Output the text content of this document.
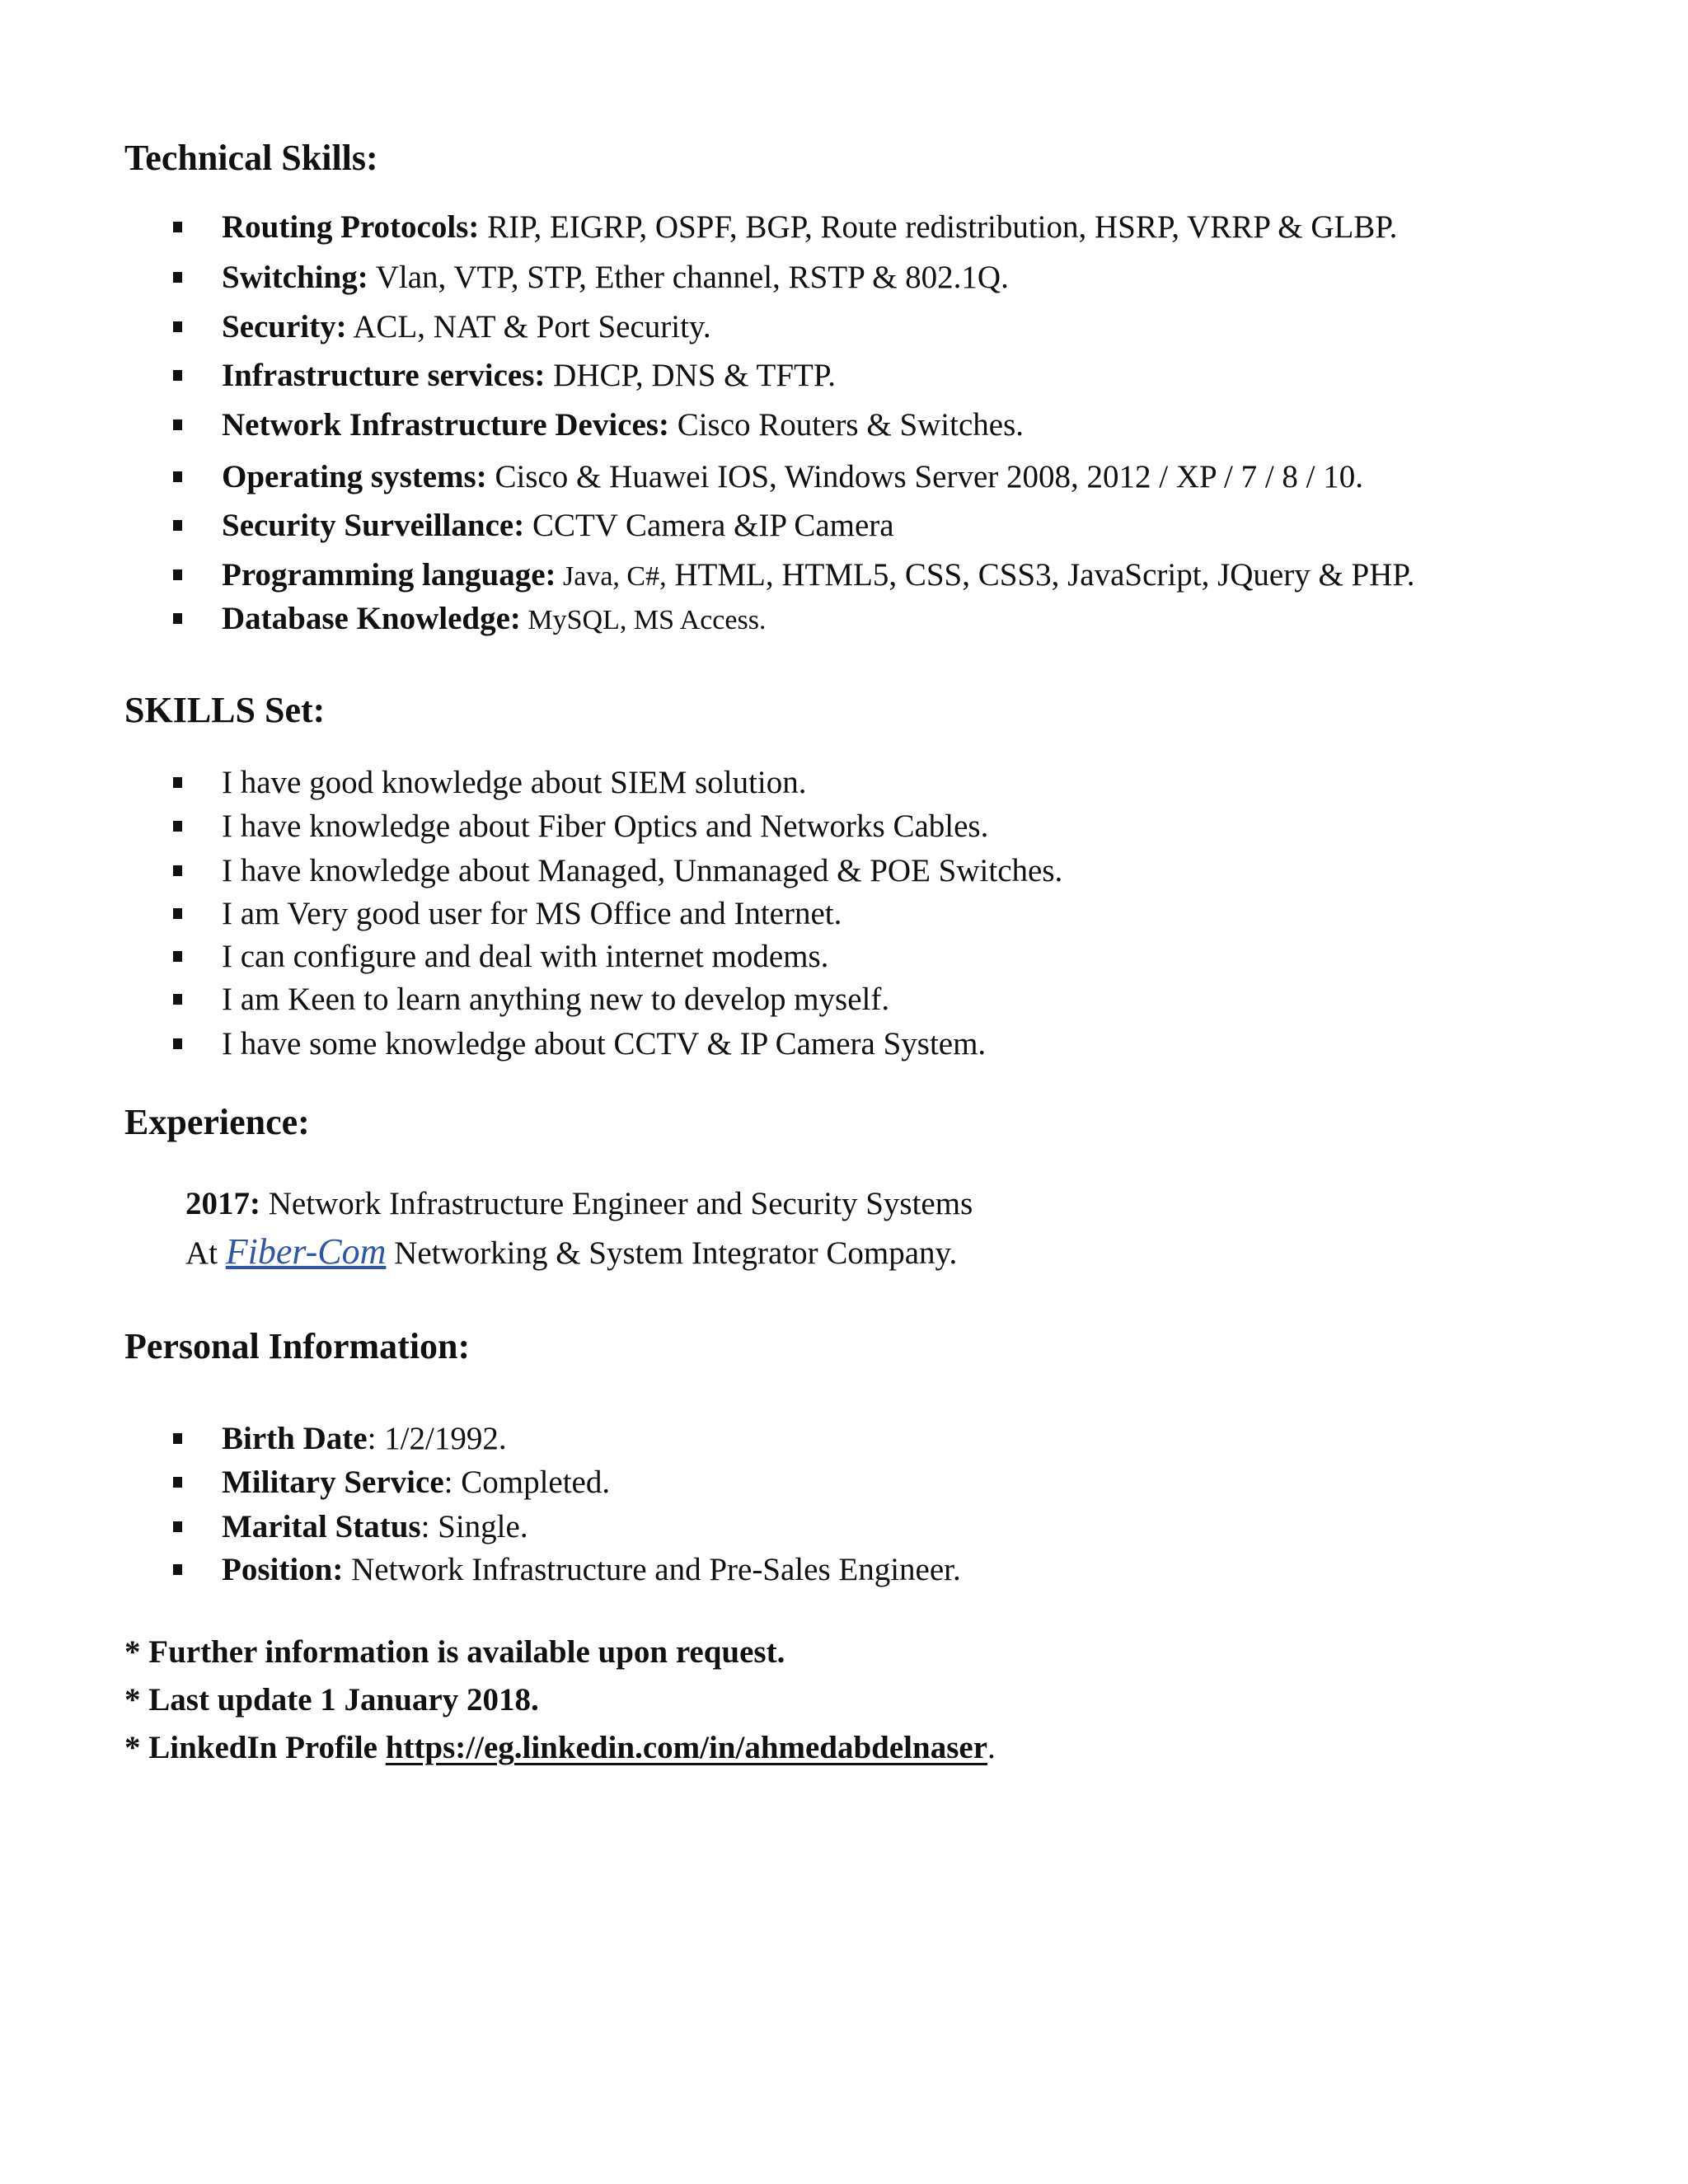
Technical Skills:
Routing Protocols: RIP, EIGRP, OSPF, BGP, Route redistribution, HSRP, VRRP & GLBP.
Switching: Vlan, VTP, STP, Ether channel, RSTP & 802.1Q.
Security: ACL, NAT & Port Security.
Infrastructure services: DHCP, DNS & TFTP.
Network Infrastructure Devices: Cisco Routers & Switches.
Operating systems: Cisco & Huawei IOS, Windows Server 2008, 2012 / XP / 7 / 8 / 10.
Security Surveillance: CCTV Camera &IP Camera
Programming language: Java, C#, HTML, HTML5, CSS, CSS3, JavaScript, JQuery & PHP.
Database Knowledge: MySQL, MS Access.
SKILLS Set:
I have good knowledge about SIEM solution.
I have knowledge about Fiber Optics and Networks Cables.
I have knowledge about Managed, Unmanaged & POE Switches.
I am Very good user for MS Office and Internet.
I can configure and deal with internet modems.
I am Keen to learn anything new to develop myself.
I have some knowledge about CCTV & IP Camera System.
Experience:
2017: Network Infrastructure Engineer and Security Systems
At Fiber-Com Networking & System Integrator Company.
Personal Information:
Birth Date: 1/2/1992.
Military Service: Completed.
Marital Status: Single.
Position: Network Infrastructure and Pre-Sales Engineer.
* Further information is available upon request.
* Last update 1 January 2018.
* LinkedIn Profile https://eg.linkedin.com/in/ahmedabdelnaser.
